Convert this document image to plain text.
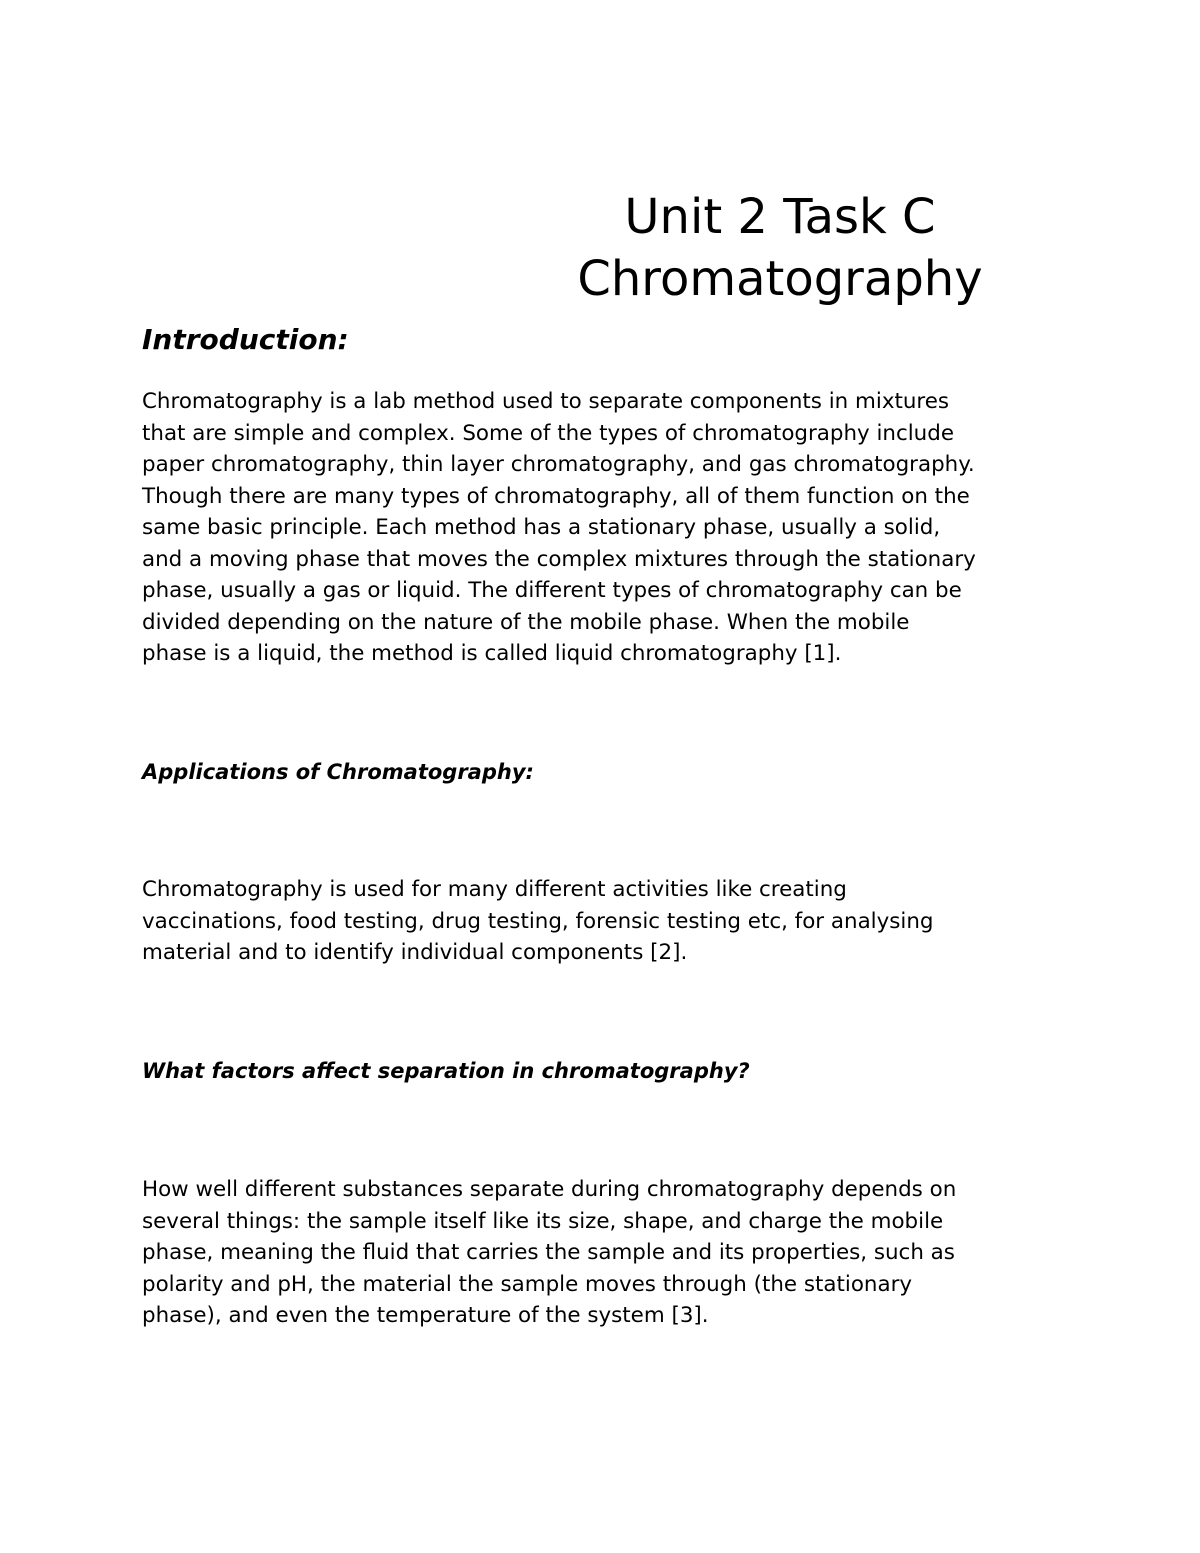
Unit 2 Task C
Chromatography
Introduction:

Chromatography is a lab method used to separate components in mixtures
that are simple and complex. Some of the types of chromatography include
paper chromatography, thin layer chromatography, and gas chromatography.
Though there are many types of chromatography, all of them function on the
same basic principle. Each method has a stationary phase, usually a solid,
and a moving phase that moves the complex mixtures through the stationary
phase, usually a gas or liquid. The different types of chromatography can be
divided depending on the nature of the mobile phase. When the mobile
phase is a liquid, the method is called liquid chromatography [1].

Applications of Chromatography:

Chromatography is used for many different activities like creating
vaccinations, food testing, drug testing, forensic testing etc, for analysing
material and to identify individual components [2].

What factors affect separation in chromatography?

How well different substances separate during chromatography depends on
several things: the sample itself like its size, shape, and charge the mobile
phase, meaning the fluid that carries the sample and its properties, such as
polarity and pH, the material the sample moves through (the stationary
phase), and even the temperature of the system [3].
